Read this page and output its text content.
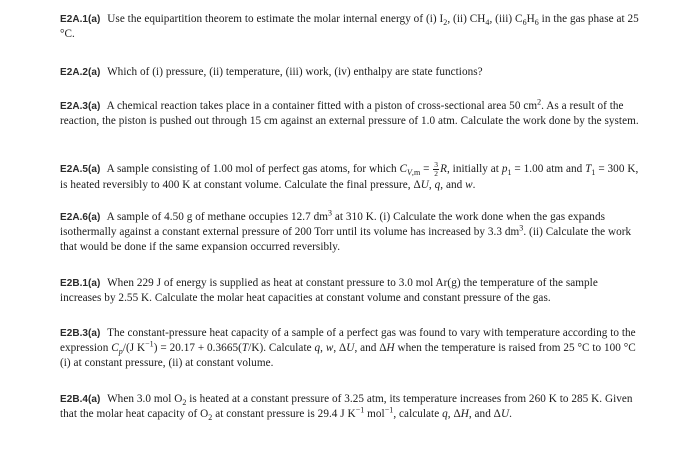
E2A.1(a) Use the equipartition theorem to estimate the molar internal energy of (i) $I_2$, (ii) $CH_4$, (iii) $C_6H_6$ in the gas phase at 25 °C.
E2A.2(a) Which of (i) pressure, (ii) temperature, (iii) work, (iv) enthalpy are state functions?
E2A.3(a) A chemical reaction takes place in a container fitted with a piston of cross-sectional area 50 $cm^2$. As a result of the reaction, the piston is pushed out through 15 cm against an external pressure of 1.0 atm. Calculate the work done by the system.
E2A.5(a) A sample consisting of 1.00 mol of perfect gas atoms, for which $C_{V,m} = \frac{3}{2} R$, initially at $p_1 = 1.00$ atm and $T_1 = 300$ K, is heated reversibly to 400 K at constant volume. Calculate the final pressure, ΔU, q, and w.
E2A.6(a) A sample of 4.50 g of methane occupies 12.7 $dm^3$ at 310 K. (i) Calculate the work done when the gas expands isothermally against a constant external pressure of 200 Torr until its volume has increased by 3.3 $dm^3$. (ii) Calculate the work that would be done if the same expansion occurred reversibly.
E2B.1(a) When 229 J of energy is supplied as heat at constant pressure to 3.0 mol Ar(g) the temperature of the sample increases by 2.55 K. Calculate the molar heat capacities at constant volume and constant pressure of the gas.
E2B.3(a) The constant-pressure heat capacity of a sample of a perfect gas was found to vary with temperature according to the expression $C_p/(J$ $K^{-1}) = 20.17 + 0.3665(T/K)$. Calculate q, w, ΔU, and ΔH when the temperature is raised from 25 °C to 100 °C (i) at constant pressure, (ii) at constant volume.
E2B.4(a) When 3.0 mol $O_2$ is heated at a constant pressure of 3.25 atm, its temperature increases from 260 K to 285 K. Given that the molar heat capacity of $O_2$ at constant pressure is 29.4 J $K^{-1}$ mol$^{-1}$, calculate q, ΔH, and ΔU.
